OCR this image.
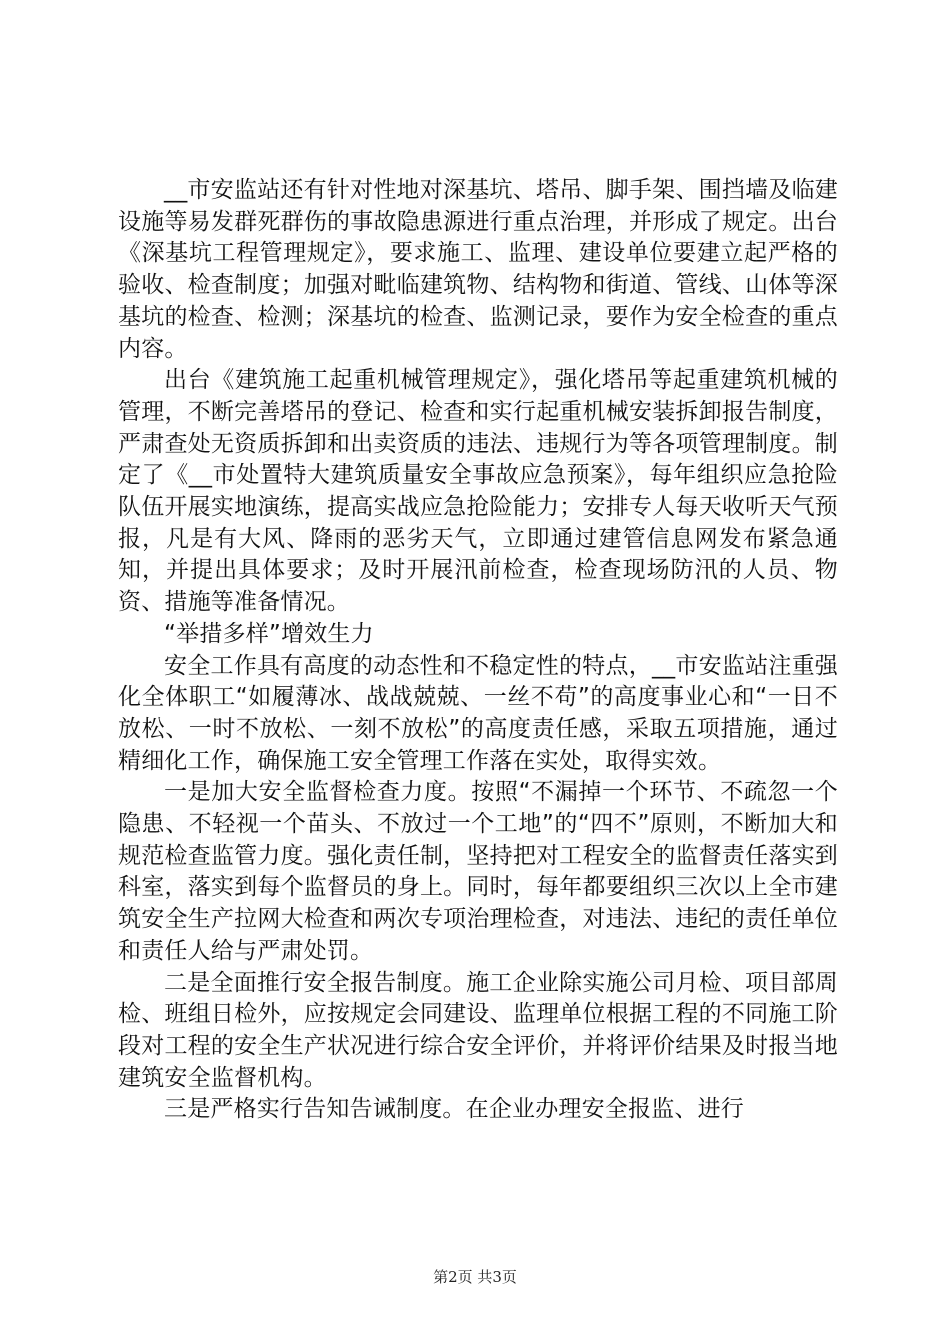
__市安监站还有针对性地对深基坑、塔吊、脚手架、围挡墙及临建设施等易发群死群伤的事故隐患源进行重点治理，并形成了规定。出台《深基坑工程管理规定》，要求施工、监理、建设单位要建立起严格的验收、检查制度；加强对毗临建筑物、结构物和街道、管线、山体等深基坑的检查、检测；深基坑的检查、监测记录，要作为安全检查的重点内容。

出台《建筑施工起重机械管理规定》，强化塔吊等起重建筑机械的管理，不断完善塔吊的登记、检查和实行起重机械安装拆卸报告制度，严肃查处无资质拆卸和出卖资质的违法、违规行为等各项管理制度。制定了《__市处置特大建筑质量安全事故应急预案》，每年组织应急抢险队伍开展实地演练，提高实战应急抢险能力；安排专人每天收听天气预报，凡是有大风、降雨的恶劣天气，立即通过建管信息网发布紧急通知，并提出具体要求；及时开展汛前检查，检查现场防汛的人员、物资、措施等准备情况。

“举措多样”增效生力

安全工作具有高度的动态性和不稳定性的特点，__市安监站注重强化全体职工“如履薄冰、战战兢兢、一丝不苟”的高度事业心和“一日不放松、一时不放松、一刻不放松”的高度责任感，采取五项措施，通过精细化工作，确保施工安全管理工作落在实处，取得实效。

一是加大安全监督检查力度。按照“不漏掉一个环节、不疏忽一个隐患、不轻视一个苗头、不放过一个工地”的“四不”原则，不断加大和规范检查监管力度。强化责任制，坚持把对工程安全的监督责任落实到科室，落实到每个监督员的身上。同时，每年都要组织三次以上全市建筑安全生产拉网大检查和两次专项治理检查，对违法、违纪的责任单位和责任人给与严肃处罚。

二是全面推行安全报告制度。施工企业除实施公司月检、项目部周检、班组日检外，应按规定会同建设、监理单位根据工程的不同施工阶段对工程的安全生产状况进行综合安全评价，并将评价结果及时报当地建筑安全监督机构。

三是严格实行告知告诫制度。在企业办理安全报监、进行

第2页 共3页
